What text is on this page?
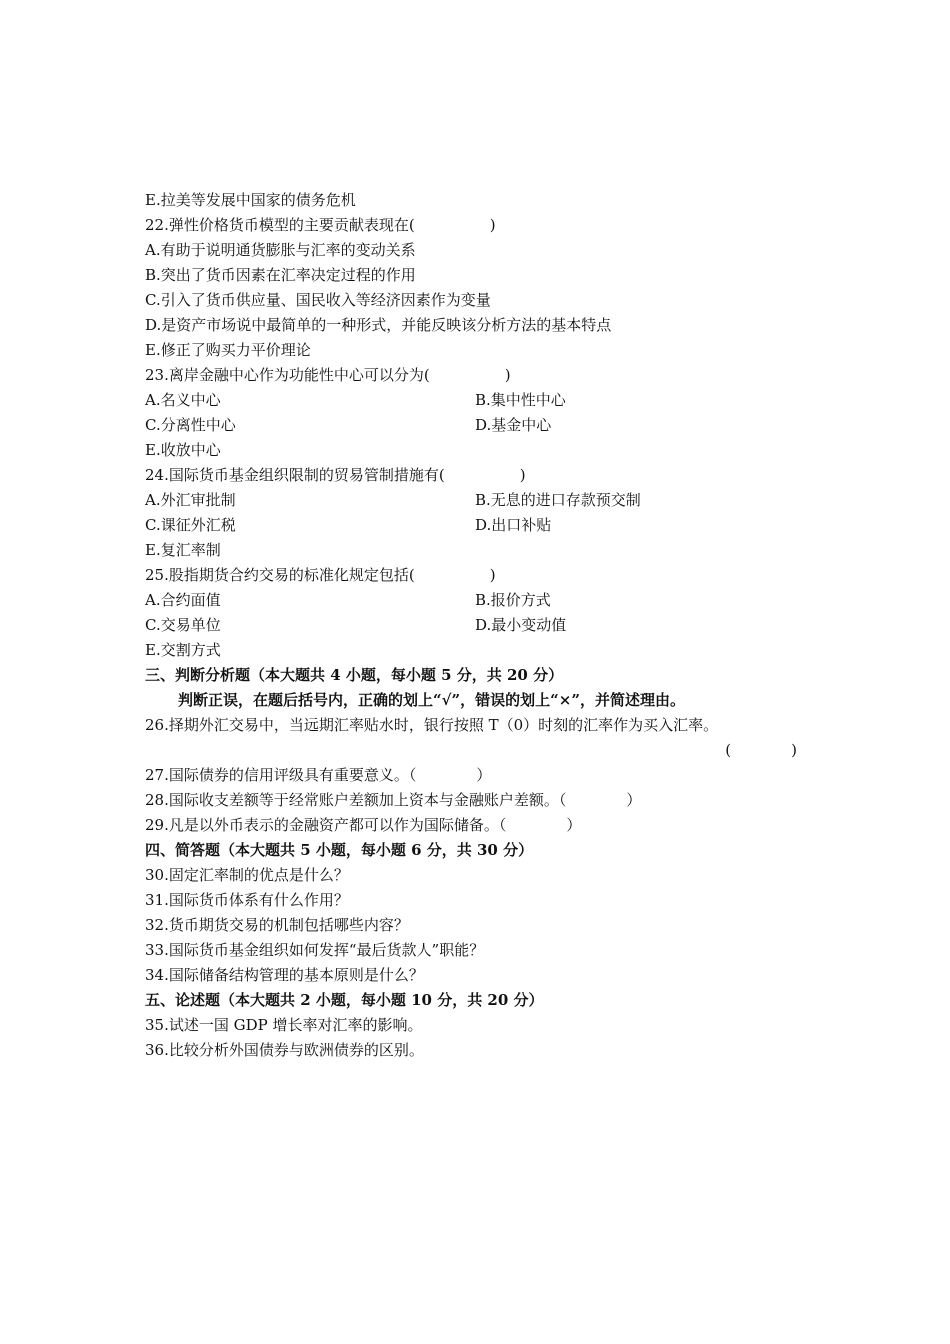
E.拉美等发展中国家的债务危机
22.弹性价格货币模型的主要贡献表现在(　　　　　)
A.有助于说明通货膨胀与汇率的变动关系
B.突出了货币因素在汇率决定过程的作用
C.引入了货币供应量、国民收入等经济因素作为变量
D.是资产市场说中最简单的一种形式，并能反映该分析方法的基本特点
E.修正了购买力平价理论
23.离岸金融中心作为功能性中心可以分为(　　　　　)
A.名义中心	B.集中性中心
C.分离性中心	D.基金中心
E.收放中心
24.国际货币基金组织限制的贸易管制措施有(　　　　　)
A.外汇审批制	B.无息的进口存款预交制
C.课征外汇税	D.出口补贴
E.复汇率制
25.股指期货合约交易的标准化规定包括(　　　　　)
A.合约面值	B.报价方式
C.交易单位	D.最小变动值
E.交割方式
三、判断分析题（本大题共 4 小题，每小题 5 分，共 20 分）
判断正误，在题后括号内，正确的划上“√”，错误的划上“×”，并简述理由。
26.择期外汇交易中，当远期汇率贴水时，银行按照 T（0）时刻的汇率作为买入汇率。
(　　　　)
27.国际债券的信用评级具有重要意义。（　　　　）
28.国际收支差额等于经常账户差额加上资本与金融账户差额。（　　　　）
29.凡是以外币表示的金融资产都可以作为国际储备。（　　　　）
四、简答题（本大题共 5 小题，每小题 6 分，共 30 分）
30.固定汇率制的优点是什么？
31.国际货币体系有什么作用？
32.货币期货交易的机制包括哪些内容？
33.国际货币基金组织如何发挥“最后货款人”职能？
34.国际储备结构管理的基本原则是什么？
五、论述题（本大题共 2 小题，每小题 10 分，共 20 分）
35.试述一国 GDP 增长率对汇率的影响。
36.比较分析外国债券与欧洲债券的区别。
